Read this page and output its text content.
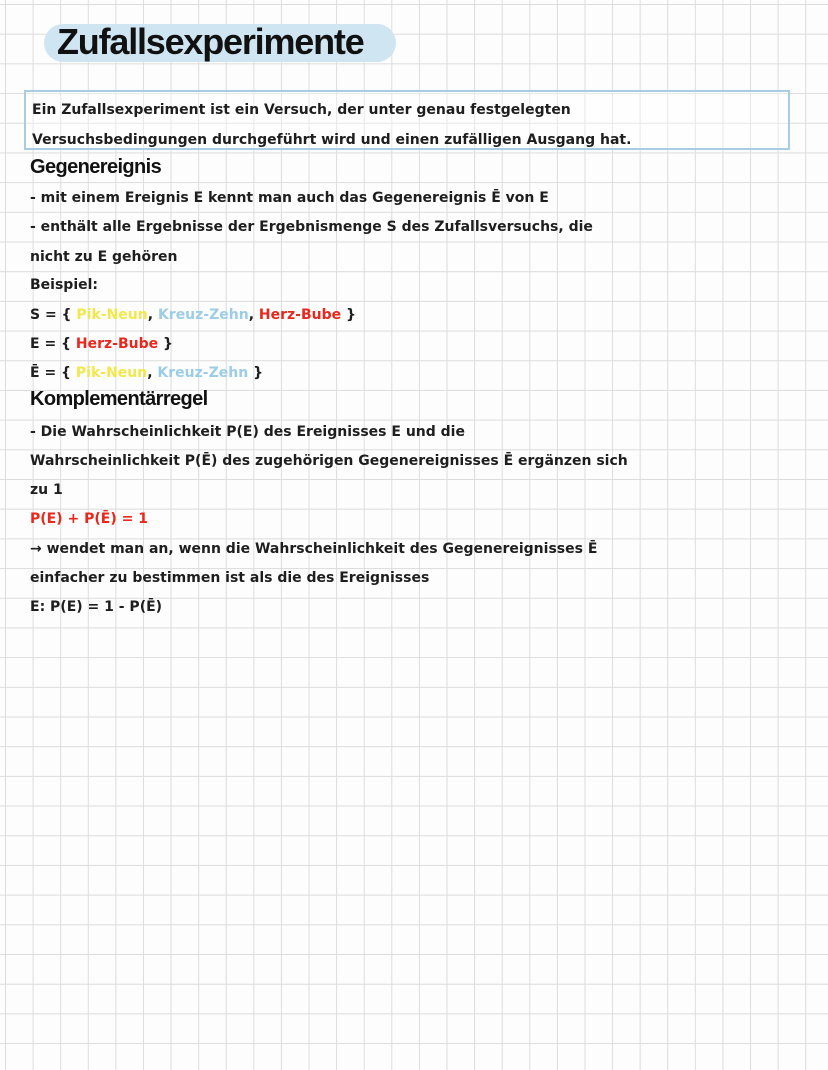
Zufallsexperimente
Ein Zufallsexperiment ist ein Versuch, der unter genau festgelegten
Versuchsbedingungen durchgeführt wird und einen zufälligen Ausgang hat.
Gegenereignis
- mit einem Ereignis E kennt man auch das Gegenereignis Ē von E
- enthält alle Ergebnisse der Ergebnismenge S des Zufallsversuchs, die
nicht zu E gehören
Beispiel:
S = { Pik-Neun, Kreuz-Zehn, Herz-Bube }
E = { Herz-Bube }
Ē = { Pik-Neun, Kreuz-Zehn }
Komplementärregel
- Die Wahrscheinlichkeit P(E) des Ereignisses E und die
Wahrscheinlichkeit P(Ē) des zugehörigen Gegenereignisses Ē ergänzen sich
zu 1
P(E) + P(Ē) = 1
→ wendet man an, wenn die Wahrscheinlichkeit des Gegenereignisses Ē
einfacher zu bestimmen ist als die des Ereignisses
E: P(E) = 1 - P(Ē)
